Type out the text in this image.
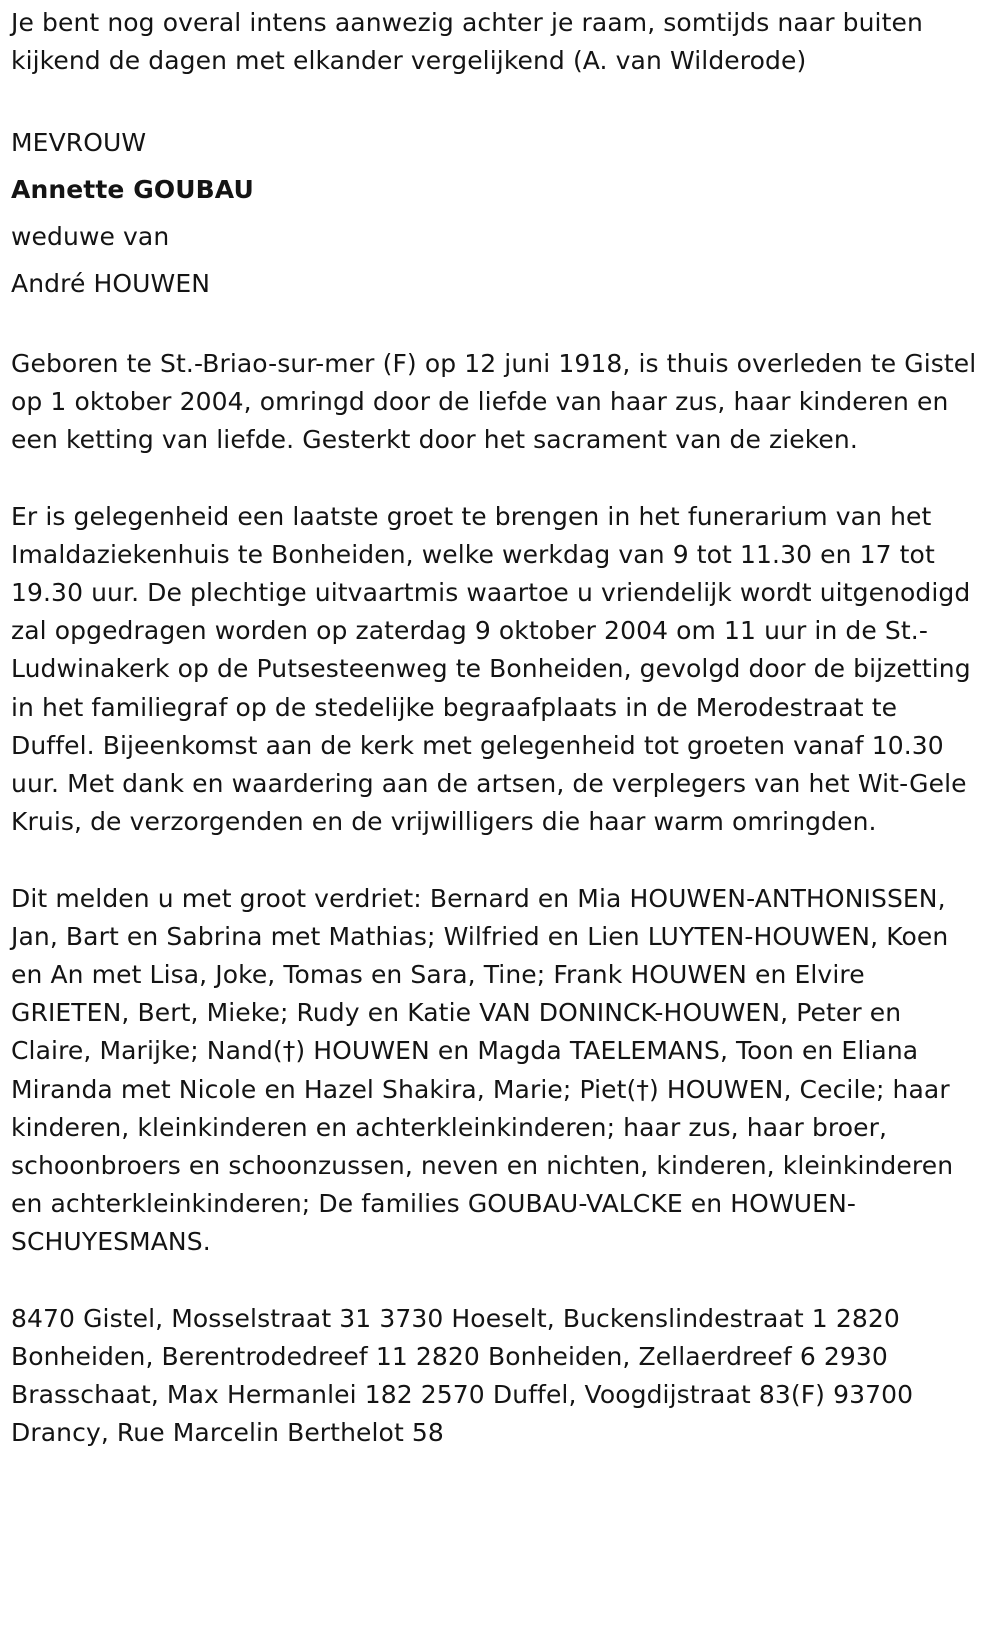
Je bent nog overal intens aanwezig achter je raam, somtijds naar buiten kijkend de dagen met elkander vergelijkend (A. van Wilderode)

MEVROUW

Annette GOUBAU

weduwe van

André HOUWEN

Geboren te St.-Briao-sur-mer (F) op 12 juni 1918, is thuis overleden te Gistel op 1 oktober 2004, omringd door de liefde van haar zus, haar kinderen en een ketting van liefde. Gesterkt door het sacrament van de zieken.

Er is gelegenheid een laatste groet te brengen in het funerarium van het Imaldaziekenhuis te Bonheiden, welke werkdag van 9 tot 11.30 en 17 tot 19.30 uur. De plechtige uitvaartmis waartoe u vriendelijk wordt uitgenodigd zal opgedragen worden op zaterdag 9 oktober 2004 om 11 uur in de St.-Ludwinakerk op de Putsesteenweg te Bonheiden, gevolgd door de bijzetting in het familiegraf op de stedelijke begraafplaats in de Merodestraat te Duffel. Bijeenkomst aan de kerk met gelegenheid tot groeten vanaf 10.30 uur. Met dank en waardering aan de artsen, de verplegers van het Wit-Gele Kruis, de verzorgenden en de vrijwilligers die haar warm omringden.

Dit melden u met groot verdriet: Bernard en Mia HOUWEN-ANTHONISSEN, Jan, Bart en Sabrina met Mathias; Wilfried en Lien LUYTEN-HOUWEN, Koen en An met Lisa, Joke, Tomas en Sara, Tine; Frank HOUWEN en Elvire GRIETEN, Bert, Mieke; Rudy en Katie VAN DONINCK-HOUWEN, Peter en Claire, Marijke; Nand(†) HOUWEN en Magda TAELEMANS, Toon en Eliana Miranda met Nicole en Hazel Shakira, Marie; Piet(†) HOUWEN, Cecile; haar kinderen, kleinkinderen en achterkleinkinderen; haar zus, haar broer, schoonbroers en schoonzussen, neven en nichten, kinderen, kleinkinderen en achterkleinkinderen; De families GOUBAU-VALCKE en HOWUEN-SCHUYESMANS.

8470 Gistel, Mosselstraat 31 3730 Hoeselt, Buckenslindestraat 1 2820 Bonheiden, Berentrodedreef 11 2820 Bonheiden, Zellaerdreef 6 2930 Brasschaat, Max Hermanlei 182 2570 Duffel, Voogdijstraat 83(F) 93700 Drancy, Rue Marcelin Berthelot 58
